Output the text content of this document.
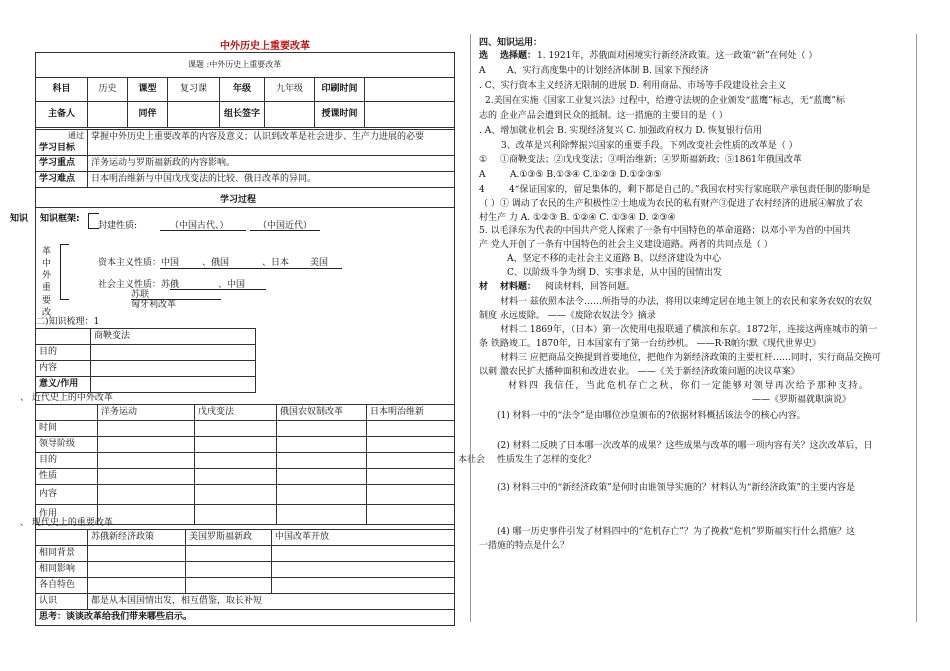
中外历史上重要改革
课题 :中外历史上重要改革
科目	历史	课型	复习课	年级	九年级	印刷时间	
主备人		同伴		组长签字		授课时间	
通过
学习目标	掌握中外历史上重要改革的内容及意义；认识到改革是社会进步、生产力进展的必要
学习重点	洋务运动与罗斯福新政的内容影响。
学习难点	日本明治维新与中国戊戌变法的比较、俄日改革的异同。
学习过程
知识 知识框架:
封建性质:	（中国古代、）	（中国近代）
革
中
外
重
要
改
资本主义性质：中国	、俄国	、日本 美国
社会主义性质：苏俄	、中国
苏联
匈牙利改革
二)知识梳理：1
	商鞅变法
目的	
内容	
意义/作用	
、 近代史上的中外改革
	洋务运动	戊戌变法	俄国农奴制改革	日本明治维新
时间				
领导阶级				
目的				
性质				
内容				
作用				
、 现代史上的重要改革
	苏俄新经济政策	美国罗斯福新政	中国改革开放
相同背景			
相同影响			
各自特色			
认识	都是从本国国情出发，相互借鉴，取长补短		
思考：谈谈改革给我们带来哪些启示。			
四、知识运用：
选 选择题： 1. 1921年，苏俄面对困境实行新经济政策。这一政策“新”在何处（ ）
A A、实行高度集中的计划经济体制 B. 国家下预经济
. C、实行资本主义经济无限制的进展 D. 利用商品、市场等手段建设社会主义
2.美国在实施《国家工业复兴法》过程中，给遵守法规的企业颁发“蓝鹰”标志，无“蓝鹰”标
志的 企业产品会遭到民众的抵制。这一措施的主要目的是（ ）
. A、增加就业机会 B. 实现经济复兴 C. 加强政府权力 D. 恢复银行信用
3、改革是兴利除弊振兴国家的重要手段。下列改变社会性质的改革是（ ）
① ①商鞅变法；②戊戌变法；③明治维新；④罗斯福新政；⑤1861年俄国改革
A	A.①③⑤ B.①③④ C.①②③ D.①②③⑤
4	4“保证国家的，留足集体的，剩下都是自己的。”我国农村实行家庭联产承包责任制的影响是
（ ）① 调动了农民的生产积极性②土地成为农民的私有财产③促进了农村经济的进展④解放了农
村生产 力 A. ①②③ B. ①②④ C. ①③④ D. ②③④
5. 以毛泽东为代表的中国共产党人探索了一条有中国特色的革命道路；以邓小平为首的中国共
产 党人开创了一条有中国特色的社会主义建设道路。两者的共同点是（ ）
A、坚定不移的走社会主义道路 B、以经济建设为中心
C、以阶级斗争为纲 D、实事求是，从中国的国情出发
材 材料题： 阅读材料，回答问题。
材料一 兹依照本法令……所指导的办法，将用以束缚定居在地主领上的农民和家务农奴的农奴
制度 永远废除。 ——《废除农奴法令》摘录
材料二 1869年，（日本）第一次使用电报联通了横滨和东京。1872年，连接这两座城市的第一
条 铁路竣工。1870年，日本国家有了第一台纺纱机。 ——R·R帕尔默《现代世界史》
材料三 应把商品交换提到首要地位，把他作为新经济政策的主要杠杆……同时，实行商品交换可
以刺 激农民扩大播种面积和改进农业。 ——《关于新经济政策问题的决议草案》
材料四 我信任，当此危机存亡之秋，你们一定能够对领导再次给予那种支持。
——《罗斯福就职演说》
(1) 材料一中的“法令”是由哪位沙皇颁布的?依据材料概括该法令的核心内容。
(2) 材料二反映了日本哪一次改革的成果？这些成果与改革的哪一项内容有关？这次改革后，日
本社会 性质发生了怎样的变化？
(3) 材料三中的“新经济政策”是何时由谁领导实施的？材料认为“新经济政策”的主要内容是
(4) 哪一历史事件引发了材料四中的“危机存亡”？为了挽救“危机”罗斯福实行什么措施？这
一措施的特点是什么？
